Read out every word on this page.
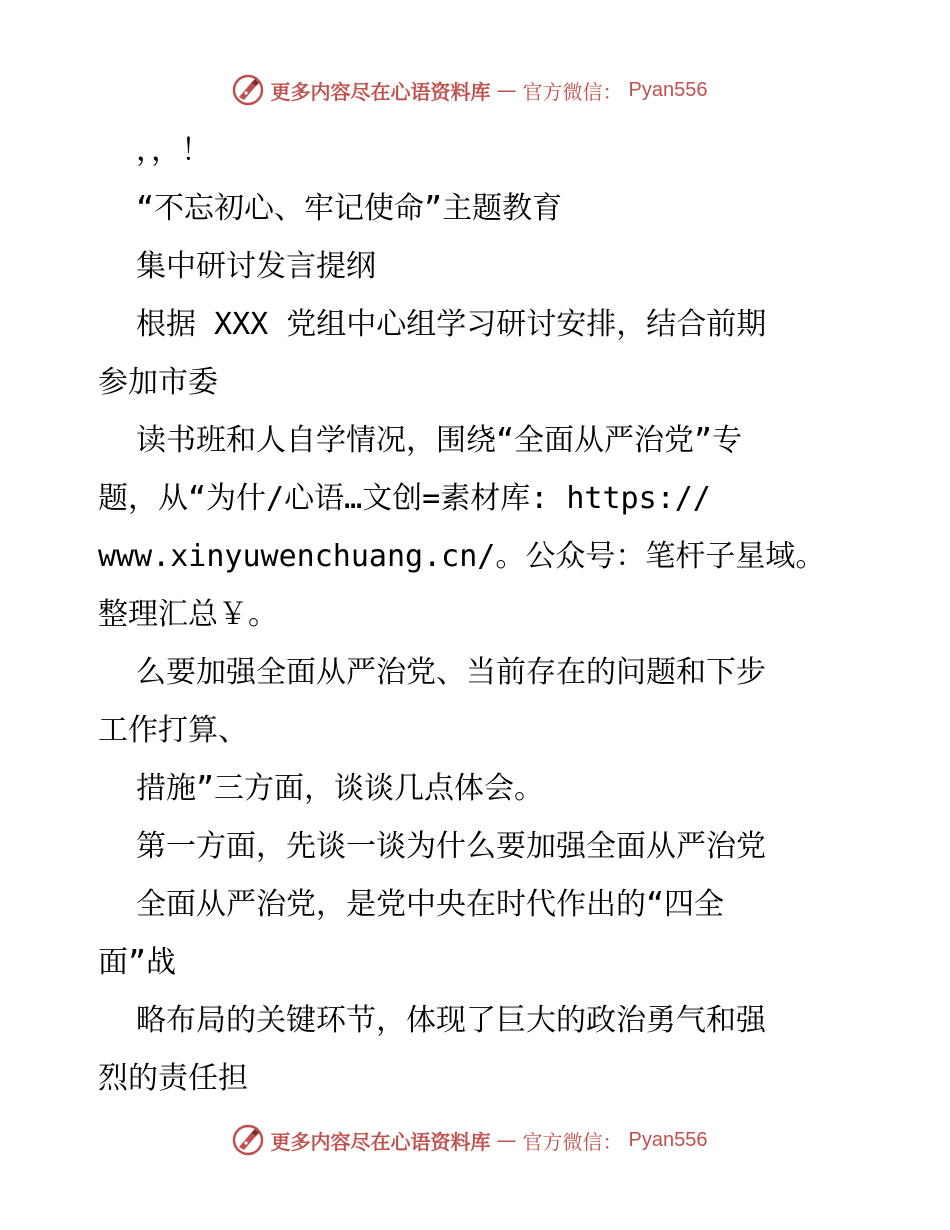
更多内容尽在心语资料库 — 官方微信： Pyan556
，，！
“不忘初心、牢记使命”主题教育
集中研讨发言提纲
根据 XXX 党组中心组学习研讨安排，结合前期
参加市委
读书班和人自学情况，围绕“全面从严治党”专
题，从“为什/心语…文创=素材库: https://
www.xinyuwenchuang.cn/。公众号：笔杆子星域。
整理汇总￥。
么要加强全面从严治党、当前存在的问题和下步
工作打算、
措施”三方面，谈谈几点体会。
第一方面，先谈一谈为什么要加强全面从严治党
全面从严治党，是党中央在时代作出的“四全
面”战
略布局的关键环节，体现了巨大的政治勇气和强
烈的责任担
更多内容尽在心语资料库 — 官方微信： Pyan556
